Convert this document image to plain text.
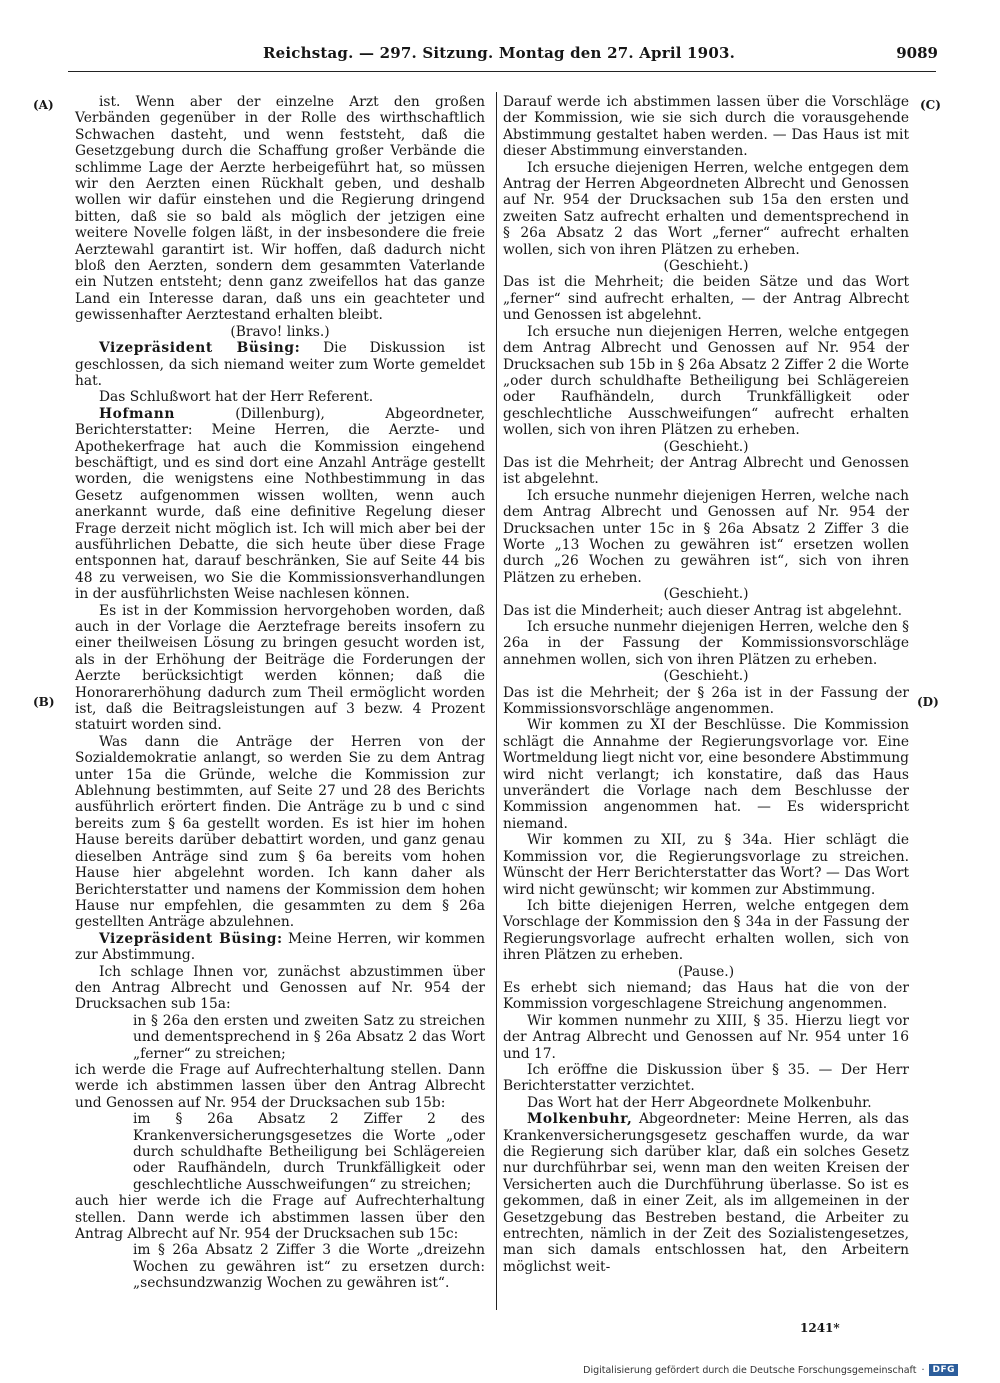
Reichstag. — 297. Sitzung. Montag den 27. April 1903.	9089
(A)
(B)
(C)
(D)

ist. Wenn aber der einzelne Arzt den großen Verbänden gegenüber in der Rolle des wirthschaftlich Schwachen dasteht, und wenn feststeht, daß die Gesetzgebung durch die Schaffung großer Verbände die schlimme Lage der Aerzte herbeigeführt hat, so müssen wir den Aerzten einen Rückhalt geben, und deshalb wollen wir dafür einstehen und die Regierung dringend bitten, daß sie so bald als möglich der jetzigen eine weitere Novelle folgen läßt, in der insbesondere die freie Aerztewahl garantirt ist. Wir hoffen, daß dadurch nicht bloß den Aerzten, sondern dem gesammten Vaterlande ein Nutzen entsteht; denn ganz zweifellos hat das ganze Land ein Interesse daran, daß uns ein geachteter und gewissenhafter Aerztestand erhalten bleibt.

(Bravo! links.)

Vizepräsident Büsing: Die Diskussion ist geschlossen, da sich niemand weiter zum Worte gemeldet hat.

Das Schlußwort hat der Herr Referent.

Hofmann	(Dillenburg), Abgeordneter, Berichterstatter: Meine Herren, die Aerzte- und Apothekerfrage hat auch die Kommission eingehend beschäftigt, und es sind dort eine Anzahl Anträge gestellt worden, die wenigstens eine Nothbestimmung in das Gesetz aufgenommen wissen wollten, wenn auch anerkannt wurde, daß eine definitive Regelung dieser Frage derzeit nicht möglich ist. Ich will mich aber bei der ausführlichen Debatte, die sich heute über diese Frage entsponnen hat, darauf beschränken, Sie auf Seite 44 bis 48 zu verweisen, wo Sie die Kommissionsverhandlungen in der ausführlichsten Weise nachlesen können.

Es ist in der Kommission hervorgehoben worden, daß auch in der Vorlage die Aerztefrage bereits insofern zu einer theilweisen Lösung zu bringen gesucht worden ist, als in der Erhöhung der Beiträge die Forderungen der Aerzte berücksichtigt werden können; daß die Honorarerhöhung dadurch zum Theil ermöglicht worden ist, daß die Beitragsleistungen auf 3 bezw. 4 Prozent statuirt worden sind.

Was dann die Anträge der Herren von der Sozialdemokratie anlangt, so werden Sie zu dem Antrag unter 15a die Gründe, welche die Kommission zur Ablehnung bestimmten, auf Seite 27 und 28 des Berichts ausführlich erörtert finden. Die Anträge zu b und c sind bereits zum § 6a gestellt worden. Es ist hier im hohen Hause bereits darüber debattirt worden, und ganz genau dieselben Anträge sind zum § 6a bereits vom hohen Hause hier abgelehnt worden. Ich kann daher als Berichterstatter und namens der Kommission dem hohen Hause nur empfehlen, die gesammten zu dem § 26a gestellten Anträge abzulehnen.

Vizepräsident Büsing: Meine Herren, wir kommen zur Abstimmung.

Ich schlage Ihnen vor, zunächst abzustimmen über den Antrag Albrecht und Genossen auf Nr. 954 der Drucksachen sub 15a:

in § 26a den ersten und zweiten Satz zu streichen und dementsprechend in § 26a Absatz 2 das Wort „ferner“ zu streichen;

ich werde die Frage auf Aufrechterhaltung stellen. Dann werde ich abstimmen lassen über den Antrag Albrecht und Genossen auf Nr. 954 der Drucksachen sub 15b:

im § 26a Absatz 2 Ziffer 2 des Krankenversicherungsgesetzes die Worte „oder durch schuldhafte Betheiligung bei Schlägereien oder Raufhändeln, durch Trunkfälligkeit oder geschlechtliche Ausschweifungen“ zu streichen;

auch hier werde ich die Frage auf Aufrechterhaltung stellen. Dann werde ich abstimmen lassen über den Antrag Albrecht auf Nr. 954 der Drucksachen sub 15c:

im § 26a Absatz 2 Ziffer 3 die Worte „dreizehn Wochen zu gewähren ist“ zu ersetzen durch: „sechsundzwanzig Wochen zu gewähren ist“.

Darauf werde ich abstimmen lassen über die Vorschläge der Kommission, wie sie sich durch die vorausgehende Abstimmung gestaltet haben werden. — Das Haus ist mit dieser Abstimmung einverstanden.

Ich ersuche diejenigen Herren, welche entgegen dem Antrag der Herren Abgeordneten Albrecht und Genossen auf Nr. 954 der Drucksachen sub 15a den ersten und zweiten Satz aufrecht erhalten und dementsprechend in § 26a Absatz 2 das Wort „ferner“ aufrecht erhalten wollen, sich von ihren Plätzen zu erheben.

(Geschieht.)

Das ist die Mehrheit; die beiden Sätze und das Wort „ferner“ sind aufrecht erhalten, — der Antrag Albrecht und Genossen ist abgelehnt.

Ich ersuche nun diejenigen Herren, welche entgegen dem Antrag Albrecht und Genossen auf Nr. 954 der Drucksachen sub 15b in § 26a Absatz 2 Ziffer 2 die Worte „oder durch schuldhafte Betheiligung bei Schlägereien oder Raufhändeln, durch Trunkfälligkeit oder geschlechtliche Ausschweifungen“ aufrecht erhalten wollen, sich von ihren Plätzen zu erheben.

(Geschieht.)

Das ist die Mehrheit; der Antrag Albrecht und Genossen ist abgelehnt.

Ich ersuche nunmehr diejenigen Herren, welche nach dem Antrag Albrecht und Genossen auf Nr. 954 der Drucksachen unter 15c in § 26a Absatz 2 Ziffer 3 die Worte „13 Wochen zu gewähren ist“ ersetzen wollen durch „26 Wochen zu gewähren ist“, sich von ihren Plätzen zu erheben.

(Geschieht.)

Das ist die Minderheit; auch dieser Antrag ist abgelehnt.

Ich ersuche nunmehr diejenigen Herren, welche den § 26a in der Fassung der Kommissionsvorschläge annehmen wollen, sich von ihren Plätzen zu erheben.

(Geschieht.)

Das ist die Mehrheit; der § 26a ist in der Fassung der Kommissionsvorschläge angenommen.

Wir kommen zu XI der Beschlüsse. Die Kommission schlägt die Annahme der Regierungsvorlage vor. Eine Wortmeldung liegt nicht vor, eine besondere Abstimmung wird nicht verlangt; ich konstatire, daß das Haus unverändert die Vorlage nach dem Beschlusse der Kommission angenommen hat. — Es widerspricht niemand.

Wir kommen zu XII, zu § 34a. Hier schlägt die Kommission vor, die Regierungsvorlage zu streichen. Wünscht der Herr Berichterstatter das Wort? — Das Wort wird nicht gewünscht; wir kommen zur Abstimmung.

Ich bitte diejenigen Herren, welche entgegen dem Vorschlage der Kommission den § 34a in der Fassung der Regierungsvorlage aufrecht erhalten wollen, sich von ihren Plätzen zu erheben.

(Pause.)

Es erhebt sich niemand; das Haus hat die von der Kommission vorgeschlagene Streichung angenommen.

Wir kommen nunmehr zu XIII, § 35. Hierzu liegt vor der Antrag Albrecht und Genossen auf Nr. 954 unter 16 und 17.

Ich eröffne die Diskussion über § 35. — Der Herr Berichterstatter verzichtet.

Das Wort hat der Herr Abgeordnete Molkenbuhr.

Molkenbuhr, Abgeordneter: Meine Herren, als das Krankenversicherungsgesetz geschaffen wurde, da war die Regierung sich darüber klar, daß ein solches Gesetz nur durchführbar sei, wenn man den weiten Kreisen der Versicherten auch die Durchführung überlasse. So ist es gekommen, daß in einer Zeit, als im allgemeinen in der Gesetzgebung das Bestreben bestand, die Arbeiter zu entrechten, nämlich in der Zeit des Sozialistengesetzes, man sich damals entschlossen hat, den Arbeitern möglichst weit-

1241*
Digitalisierung gefördert durch die Deutsche Forschungsgemeinschaft · DFG
